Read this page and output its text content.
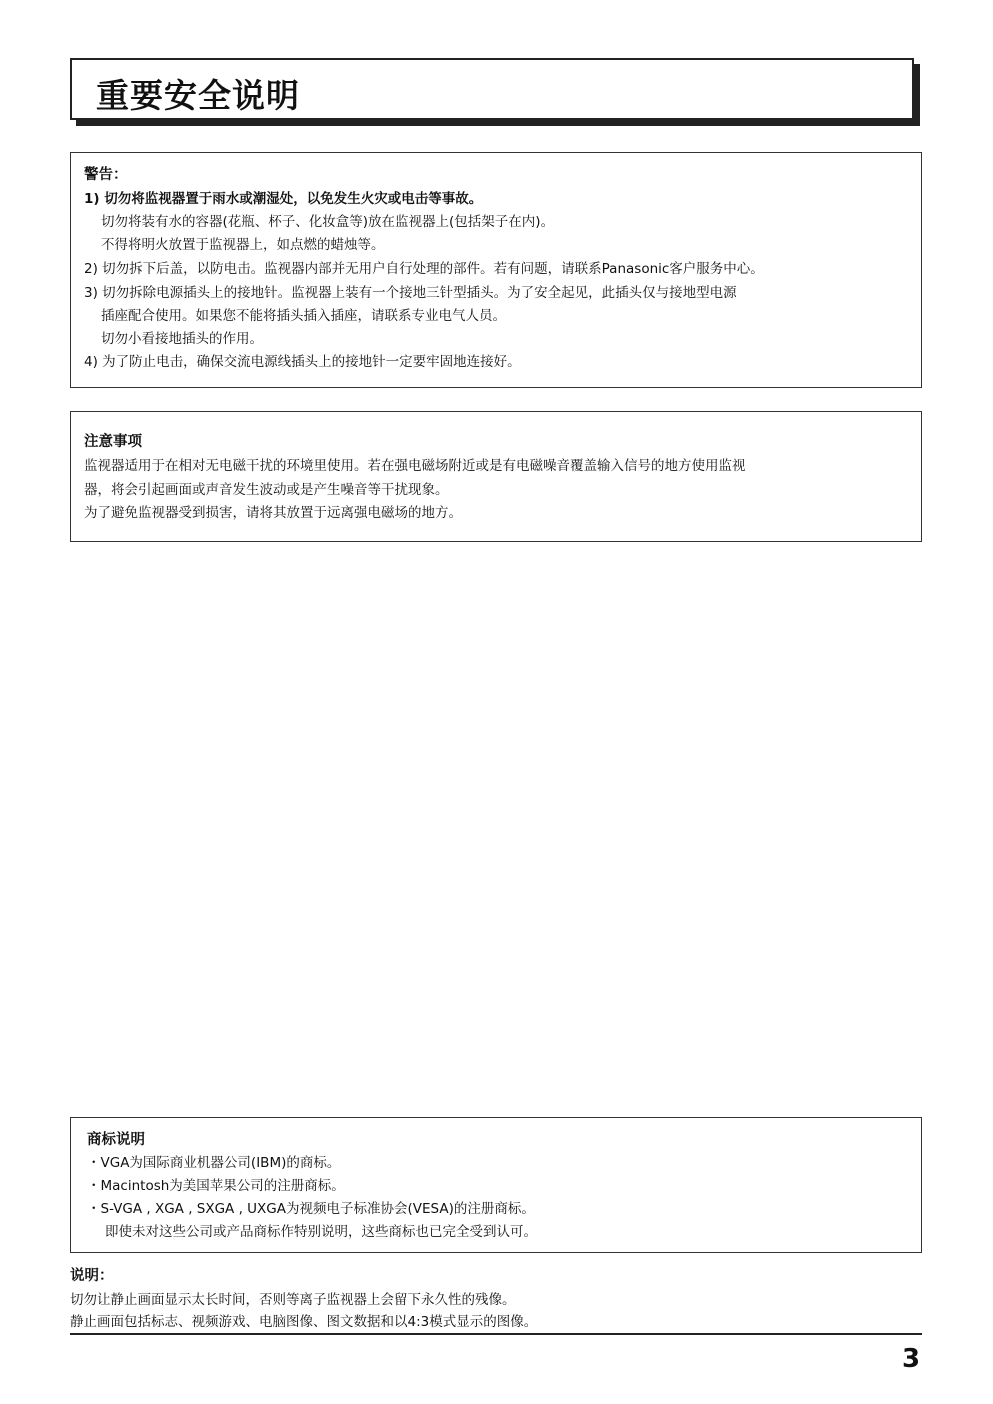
重要安全说明
警告：
1) 切勿将监视器置于雨水或潮湿处，以免发生火灾或电击等事故。
切勿将装有水的容器(花瓶、杯子、化妆盒等)放在监视器上(包括架子在内)。
不得将明火放置于监视器上，如点燃的蜡烛等。
2) 切勿拆下后盖，以防电击。监视器内部并无用户自行处理的部件。若有问题，请联系Panasonic客户服务中心。
3) 切勿拆除电源插头上的接地针。监视器上装有一个接地三针型插头。为了安全起见，此插头仅与接地型电源
插座配合使用。如果您不能将插头插入插座，请联系专业电气人员。
切勿小看接地插头的作用。
4) 为了防止电击，确保交流电源线插头上的接地针一定要牢固地连接好。
注意事项
监视器适用于在相对无电磁干扰的环境里使用。若在强电磁场附近或是有电磁噪音覆盖输入信号的地方使用监视
器，将会引起画面或声音发生波动或是产生噪音等干扰现象。
为了避免监视器受到损害，请将其放置于远离强电磁场的地方。
商标说明
・VGA为国际商业机器公司(IBM)的商标。
・Macintosh为美国苹果公司的注册商标。
・S-VGA , XGA , SXGA , UXGA为视频电子标准协会(VESA)的注册商标。
即使未对这些公司或产品商标作特别说明，这些商标也已完全受到认可。
说明：
切勿让静止画面显示太长时间，否则等离子监视器上会留下永久性的残像。
静止画面包括标志、视频游戏、电脑图像、图文数据和以4:3模式显示的图像。
3
